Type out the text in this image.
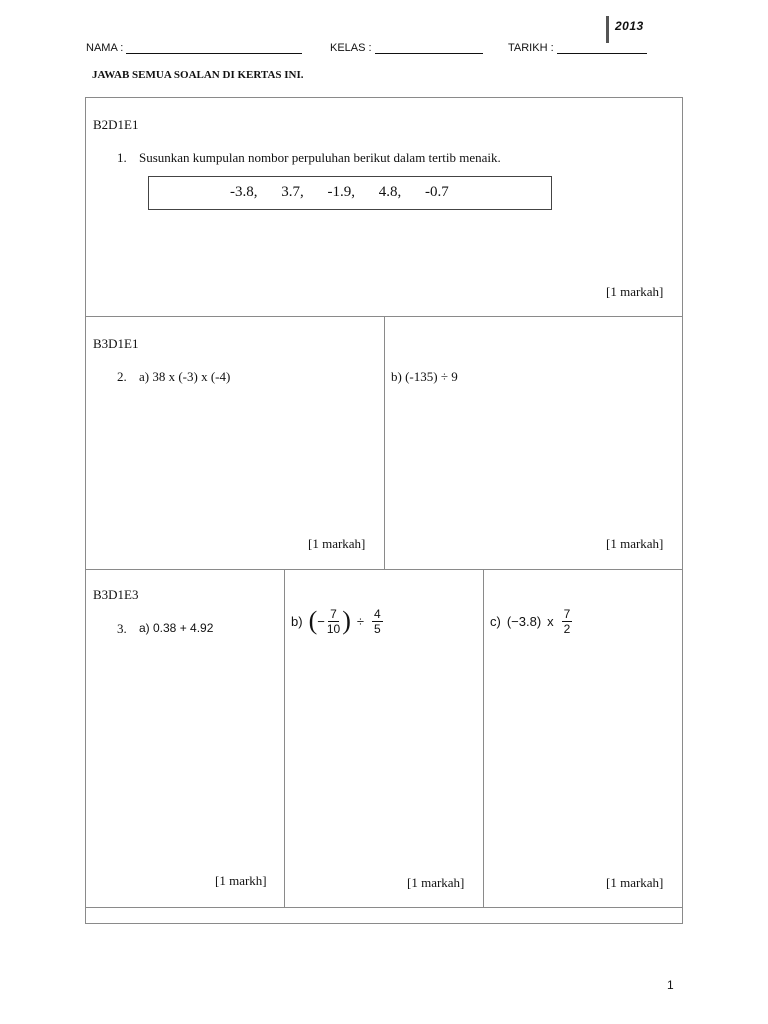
2013
NAMA :	KELAS :	TARIKH :
JAWAB SEMUA SOALAN DI KERTAS INI.
B2D1E1
1. Susunkan kumpulan nombor perpuluhan berikut dalam tertib menaik.
-3.8, 3.7, -1.9, 4.8, -0.7
[1 markah]
B3D1E1
2. a) 38 x (-3) x (-4)	b) (-135) ÷ 9
[1 markah]	[1 markah]
B3D1E3
3. a) 0.38 + 4.92	b) ( − $\frac{7}{10}$ ) ÷ $\frac{4}{5}$	c) (−3.8) x $\frac{7}{2}$
[1 markh]	[1 markah]	[1 markah]
1
